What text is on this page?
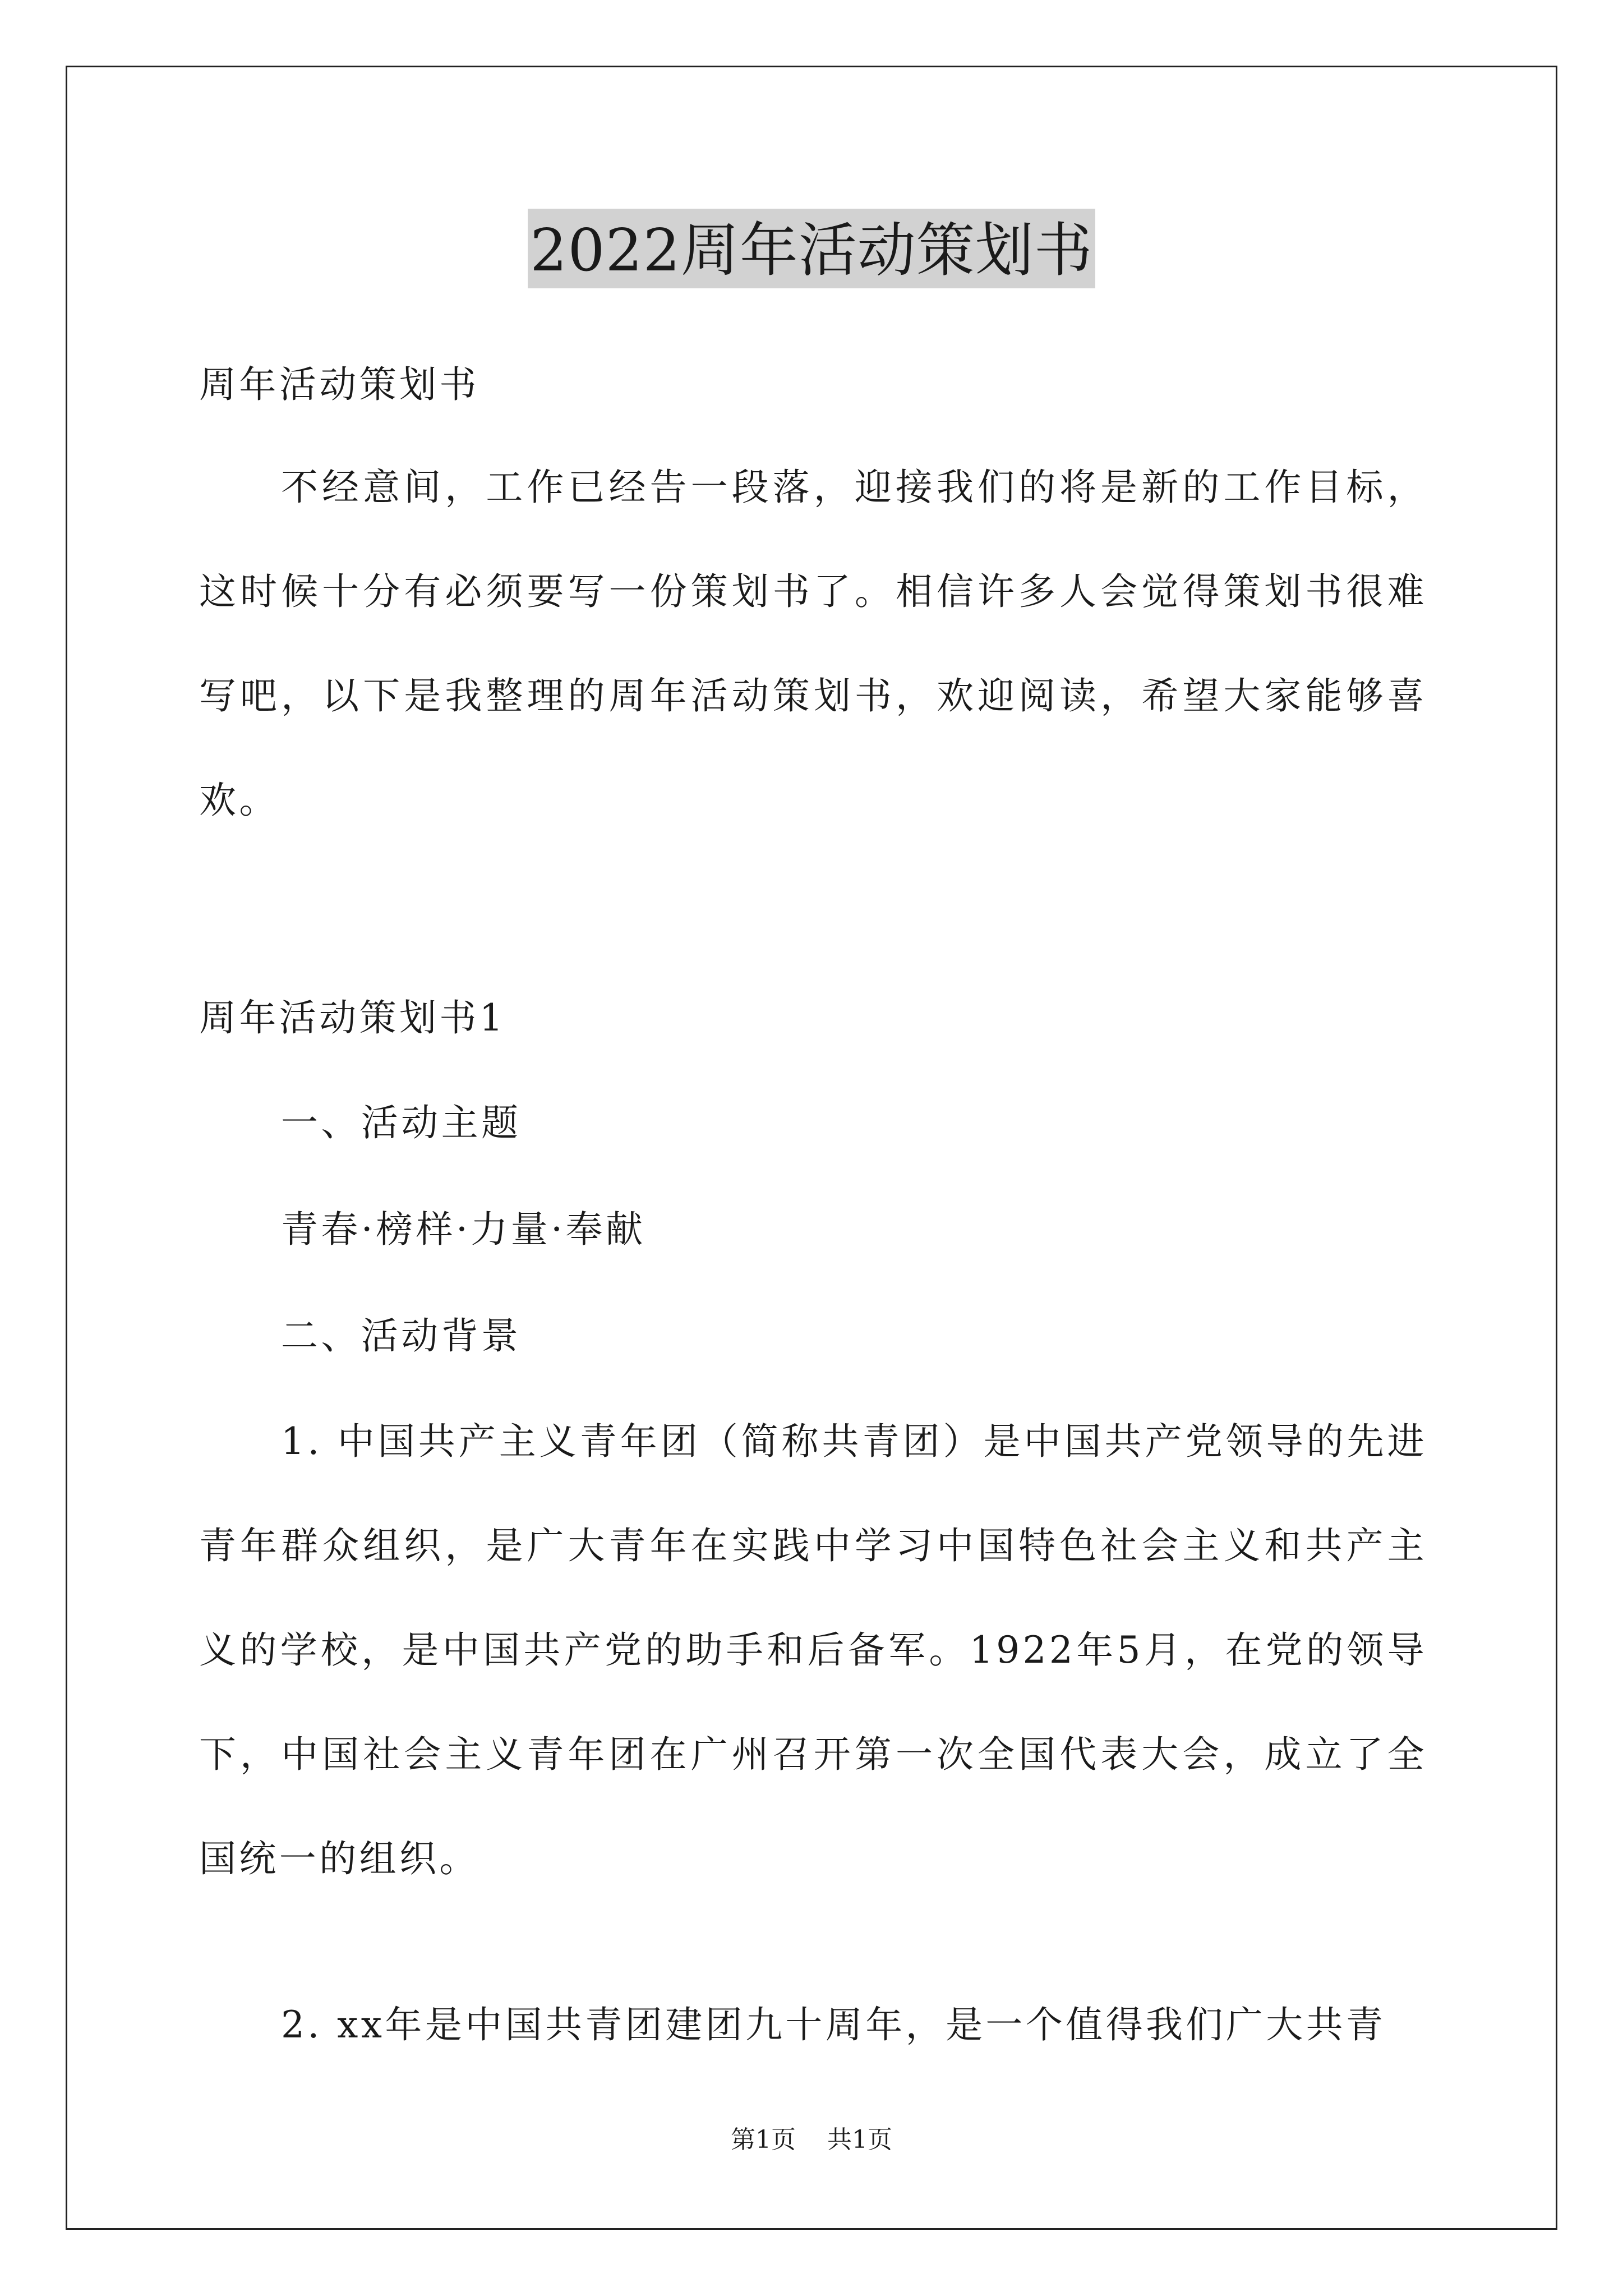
2022周年活动策划书
周年活动策划书
不经意间，工作已经告一段落，迎接我们的将是新的工作目标，这时候十分有必须要写一份策划书了。相信许多人会觉得策划书很难写吧，以下是我整理的周年活动策划书，欢迎阅读，希望大家能够喜欢。
周年活动策划书1
一、活动主题
青春·榜样·力量·奉献
二、活动背景
1. 中国共产主义青年团（简称共青团）是中国共产党领导的先进青年群众组织，是广大青年在实践中学习中国特色社会主义和共产主义的学校，是中国共产党的助手和后备军。1922年5月，在党的领导下，中国社会主义青年团在广州召开第一次全国代表大会，成立了全国统一的组织。
2. xx年是中国共青团建团九十周年，是一个值得我们广大共青
第1页 共1页
